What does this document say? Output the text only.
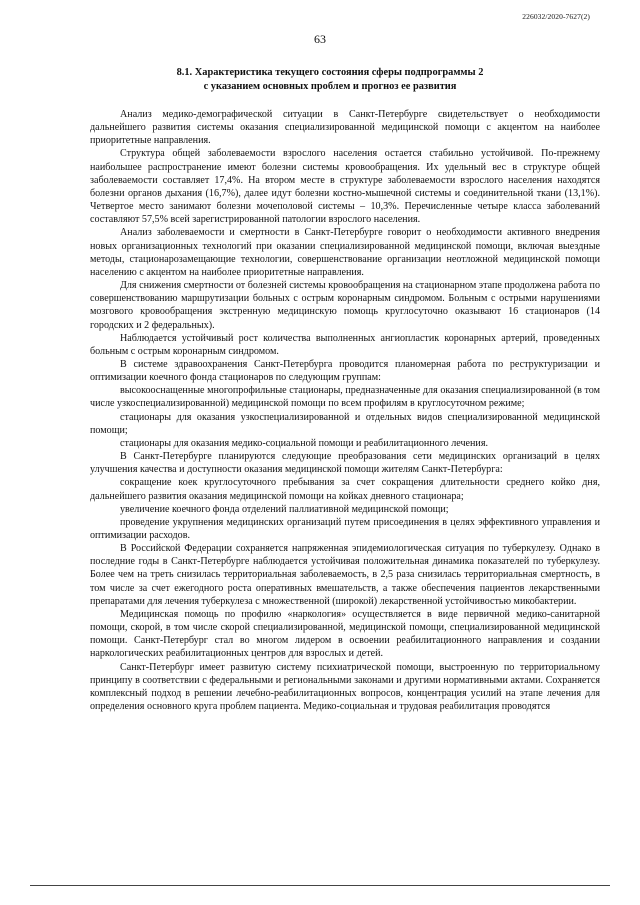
226032/2020-7627(2)
63
8.1. Характеристика текущего состояния сферы подпрограммы 2
с указанием основных проблем и прогноз ее развития

Анализ медико-демографической ситуации в Санкт-Петербурге свидетельствует о необходимости дальнейшего развития системы оказания специализированной медицинской помощи с акцентом на наиболее приоритетные направления.

Структура общей заболеваемости взрослого населения остается стабильно устойчивой. По-прежнему наибольшее распространение имеют болезни системы кровообращения. Их удельный вес в структуре общей заболеваемости составляет 17,4%. На втором месте в структуре заболеваемости взрослого населения находятся болезни органов дыхания (16,7%), далее идут болезни костно-мышечной системы и соединительной ткани (13,1%). Четвертое место занимают болезни мочеполовой системы – 10,3%. Перечисленные четыре класса заболеваний составляют 57,5% всей зарегистрированной патологии взрослого населения.

Анализ заболеваемости и смертности в Санкт-Петербурге говорит о необходимости активного внедрения новых организационных технологий при оказании специализированной медицинской помощи, включая выездные методы, стационарозамещающие технологии, совершенствование организации неотложной медицинской помощи населению с акцентом на наиболее приоритетные направления.

Для снижения смертности от болезней системы кровообращения на стационарном этапе продолжена работа по совершенствованию маршрутизации больных с острым коронарным синдромом. Больным с острыми нарушениями мозгового кровообращения экстренную медицинскую помощь круглосуточно оказывают 16 стационаров (14 городских и 2 федеральных).

Наблюдается устойчивый рост количества выполненных ангиопластик коронарных артерий, проведенных больным с острым коронарным синдромом.

В системе здравоохранения Санкт-Петербурга проводится планомерная работа по реструктуризации и оптимизации коечного фонда стационаров по следующим группам:

высокооснащенные многопрофильные стационары, предназначенные для оказания специализированной (в том числе узкоспециализированной) медицинской помощи по всем профилям в круглосуточном режиме;

стационары для оказания узкоспециализированной и отдельных видов специализированной медицинской помощи;

стационары для оказания медико-социальной помощи и реабилитационного лечения.

В Санкт-Петербурге планируются следующие преобразования сети медицинских организаций в целях улучшения качества и доступности оказания медицинской помощи жителям Санкт-Петербурга:

сокращение коек круглосуточного пребывания за счет сокращения длительности среднего койко дня, дальнейшего развития оказания медицинской помощи на койках дневного стационара;

увеличение коечного фонда отделений паллиативной медицинской помощи;

проведение укрупнения медицинских организаций путем присоединения в целях эффективного управления и оптимизации расходов.

В Российской Федерации сохраняется напряженная эпидемиологическая ситуация по туберкулезу. Однако в последние годы в Санкт-Петербурге наблюдается устойчивая положительная динамика показателей по туберкулезу. Более чем на треть снизилась территориальная заболеваемость, в 2,5 раза снизилась территориальная смертность, в том числе за счет ежегодного роста оперативных вмешательств, а также обеспечения пациентов лекарственными препаратами для лечения туберкулеза с множественной (широкой) лекарственной устойчивостью микобактерии.

Медицинская помощь по профилю «наркология» осуществляется в виде первичной медико-санитарной помощи, скорой, в том числе скорой специализированной, медицинской помощи, специализированной медицинской помощи. Санкт-Петербург стал во многом лидером в освоении реабилитационного направления и создании наркологических реабилитационных центров для взрослых и детей.

Санкт-Петербург имеет развитую систему психиатрической помощи, выстроенную по территориальному принципу в соответствии с федеральными и региональными законами и другими нормативными актами. Сохраняется комплексный подход в решении лечебно-реабилитационных вопросов, концентрация усилий на этапе лечения для определения основного круга проблем пациента. Медико-социальная и трудовая реабилитация проводятся
